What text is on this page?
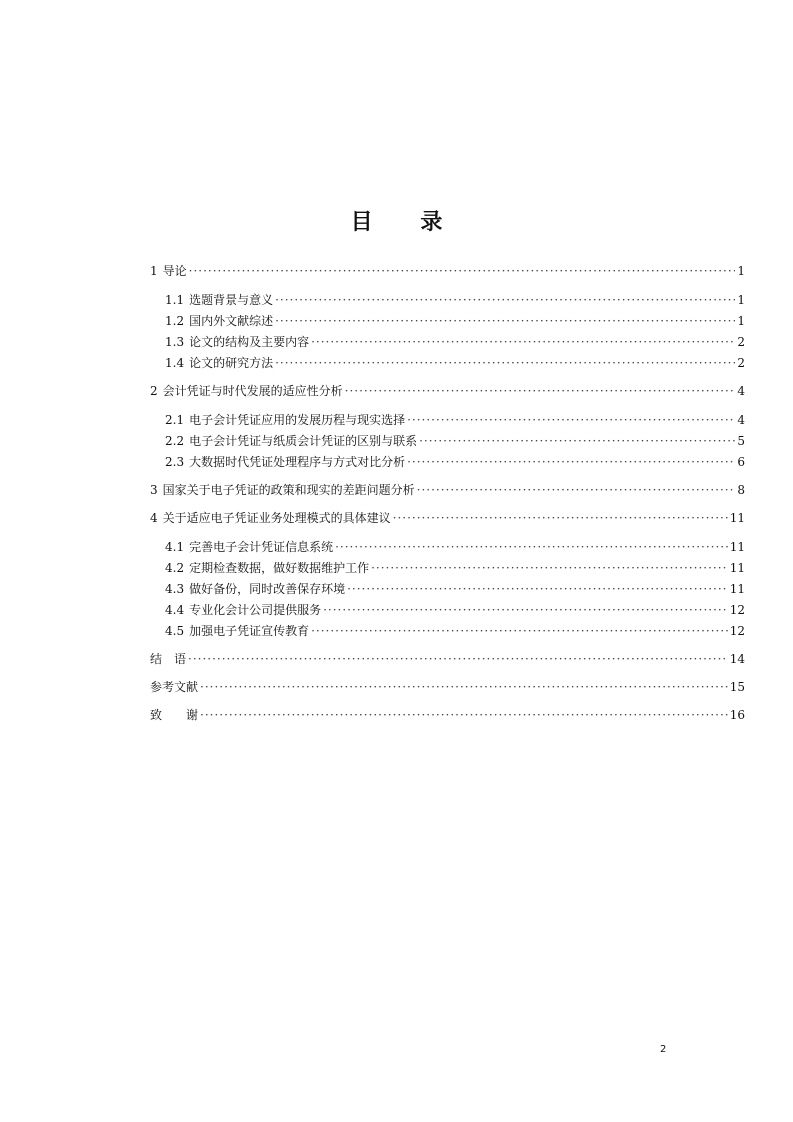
目 录
1 导论 ·····	1
1.1 选题背景与意义 ·····	1
1.2 国内外文献综述 ·····	1
1.3 论文的结构及主要内容 ·····	2
1.4 论文的研究方法 ·····	2
2 会计凭证与时代发展的适应性分析 ·····	4
2.1 电子会计凭证应用的发展历程与现实选择 ·····	4
2.2 电子会计凭证与纸质会计凭证的区别与联系 ·····	5
2.3 大数据时代凭证处理程序与方式对比分析 ·····	6
3 国家关于电子凭证的政策和现实的差距问题分析 ·····	8
4 关于适应电子凭证业务处理模式的具体建议 ·····	11
4.1 完善电子会计凭证信息系统 ·····	11
4.2 定期检查数据，做好数据维护工作 ·····	11
4.3 做好备份，同时改善保存环境 ·····	11
4.4 专业化会计公司提供服务 ·····	12
4.5 加强电子凭证宣传教育 ·····	12
结　语 ·····	14
参考文献 ·····	15
致　　谢 ·····	16
2
